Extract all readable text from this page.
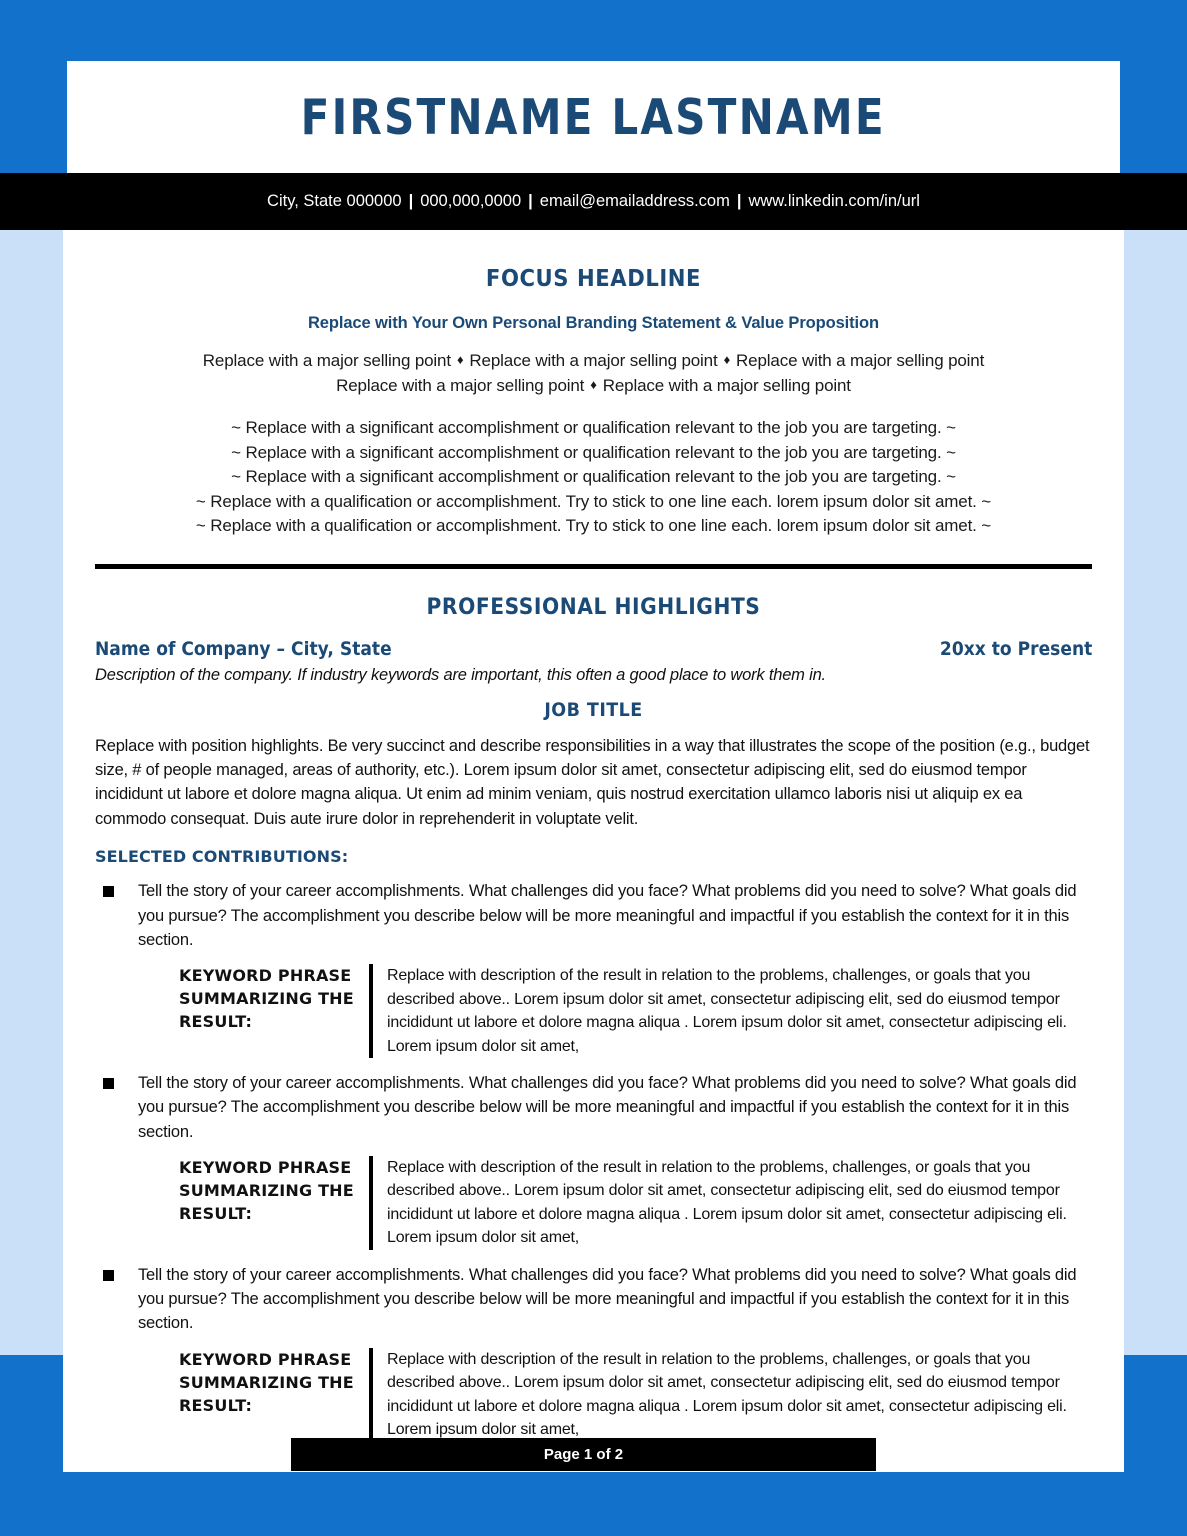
FIRSTNAME LASTNAME
City, State 000000 | 000,000,0000 | email@emailaddress.com | www.linkedin.com/in/url
FOCUS HEADLINE
Replace with Your Own Personal Branding Statement & Value Proposition
Replace with a major selling point ♦ Replace with a major selling point ♦ Replace with a major selling point
Replace with a major selling point ♦ Replace with a major selling point
~ Replace with a significant accomplishment or qualification relevant to the job you are targeting. ~
~ Replace with a significant accomplishment or qualification relevant to the job you are targeting. ~
~ Replace with a significant accomplishment or qualification relevant to the job you are targeting. ~
~ Replace with a qualification or accomplishment. Try to stick to one line each. lorem ipsum dolor sit amet. ~
~ Replace with a qualification or accomplishment. Try to stick to one line each. lorem ipsum dolor sit amet. ~
PROFESSIONAL HIGHLIGHTS
Name of Company – City, State	20xx to Present
Description of the company. If industry keywords are important, this often a good place to work them in.
JOB TITLE
Replace with position highlights. Be very succinct and describe responsibilities in a way that illustrates the scope of the position (e.g., budget size, # of people managed, areas of authority, etc.). Lorem ipsum dolor sit amet, consectetur adipiscing elit, sed do eiusmod tempor incididunt ut labore et dolore magna aliqua. Ut enim ad minim veniam, quis nostrud exercitation ullamco laboris nisi ut aliquip ex ea commodo consequat. Duis aute irure dolor in reprehenderit in voluptate velit.
SELECTED CONTRIBUTIONS:
Tell the story of your career accomplishments. What challenges did you face? What problems did you need to solve? What goals did you pursue? The accomplishment you describe below will be more meaningful and impactful if you establish the context for it in this section.
KEYWORD PHRASE SUMMARIZING THE RESULT:
Replace with description of the result in relation to the problems, challenges, or goals that you described above.. Lorem ipsum dolor sit amet, consectetur adipiscing elit, sed do eiusmod tempor incididunt ut labore et dolore magna aliqua . Lorem ipsum dolor sit amet, consectetur adipiscing eli. Lorem ipsum dolor sit amet,
Tell the story of your career accomplishments. What challenges did you face? What problems did you need to solve? What goals did you pursue? The accomplishment you describe below will be more meaningful and impactful if you establish the context for it in this section.
KEYWORD PHRASE SUMMARIZING THE RESULT:
Replace with description of the result in relation to the problems, challenges, or goals that you described above.. Lorem ipsum dolor sit amet, consectetur adipiscing elit, sed do eiusmod tempor incididunt ut labore et dolore magna aliqua . Lorem ipsum dolor sit amet, consectetur adipiscing eli. Lorem ipsum dolor sit amet,
Tell the story of your career accomplishments. What challenges did you face? What problems did you need to solve? What goals did you pursue? The accomplishment you describe below will be more meaningful and impactful if you establish the context for it in this section.
KEYWORD PHRASE SUMMARIZING THE RESULT:
Replace with description of the result in relation to the problems, challenges, or goals that you described above.. Lorem ipsum dolor sit amet, consectetur adipiscing elit, sed do eiusmod tempor incididunt ut labore et dolore magna aliqua . Lorem ipsum dolor sit amet, consectetur adipiscing eli. Lorem ipsum dolor sit amet,
Page 1 of 2
